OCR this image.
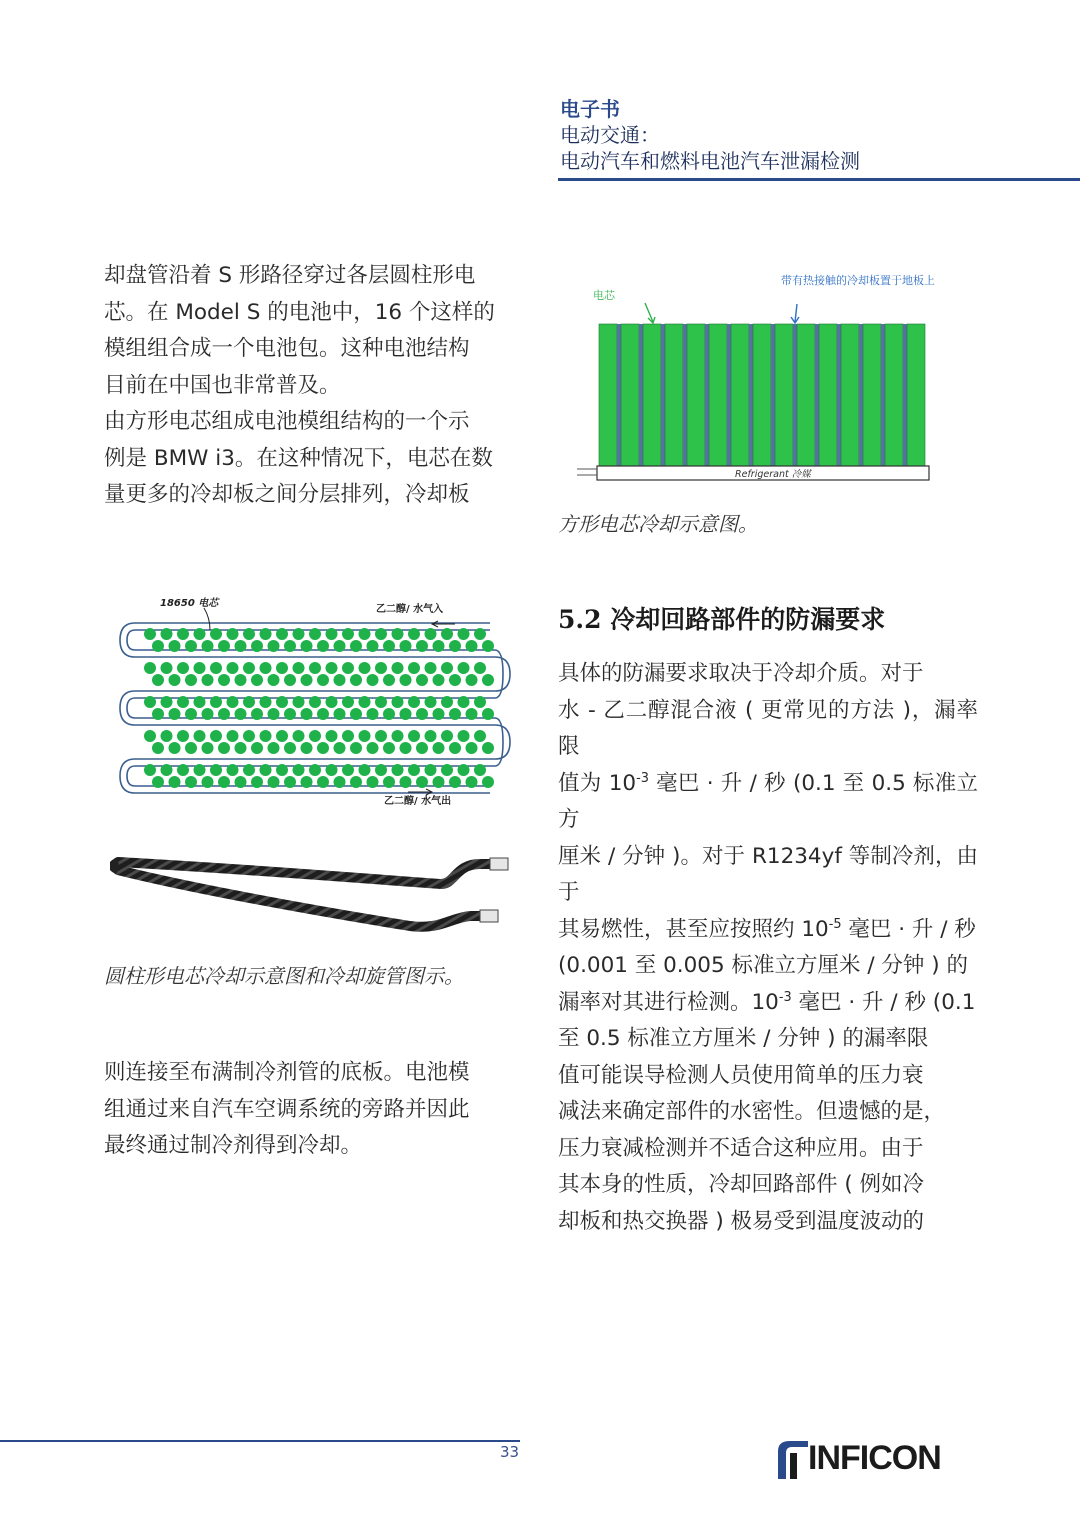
电子书
电动交通：
电动汽车和燃料电池汽车泄漏检测
却盘管沿着 S 形路径穿过各层圆柱形电
芯。在 Model S 的电池中，16 个这样的
模组组合成一个电池包。这种电池结构
目前在中国也非常普及。
由方形电芯组成电池模组结构的一个示
例是 BMW i3。在这种情况下，电芯在数
量更多的冷却板之间分层排列，冷却板
18650 电芯
乙二醇/ 水气入
乙二醇/ 水气出
圆柱形电芯冷却示意图和冷却旋管图示。
则连接至布满制冷剂管的底板。电池模
组通过来自汽车空调系统的旁路并因此
最终通过制冷剂得到冷却。
带有热接触的冷却板置于地板上
电芯
Refrigerant 冷媒
方形电芯冷却示意图。
5.2 冷却回路部件的防漏要求
具体的防漏要求取决于冷却介质。对于
水 - 乙二醇混合液 ( 更常见的方法 )，漏率限
值为 $10^{-3}$ 毫巴 · 升 / 秒 (0.1 至 0.5 标准立方
厘米 / 分钟 )。对于 R1234yf 等制冷剂，由于
其易燃性，甚至应按照约 $10^{-5}$ 毫巴 · 升 / 秒
(0.001 至 0.005 标准立方厘米 / 分钟 ) 的
漏率对其进行检测。$10^{-3}$ 毫巴 · 升 / 秒 (0.1
至 0.5 标准立方厘米 / 分钟 ) 的漏率限
值可能误导检测人员使用简单的压力衰
减法来确定部件的水密性。但遗憾的是，
压力衰减检测并不适合这种应用。由于
其本身的性质，冷却回路部件 ( 例如冷
却板和热交换器 ) 极易受到温度波动的
33	INFICON
